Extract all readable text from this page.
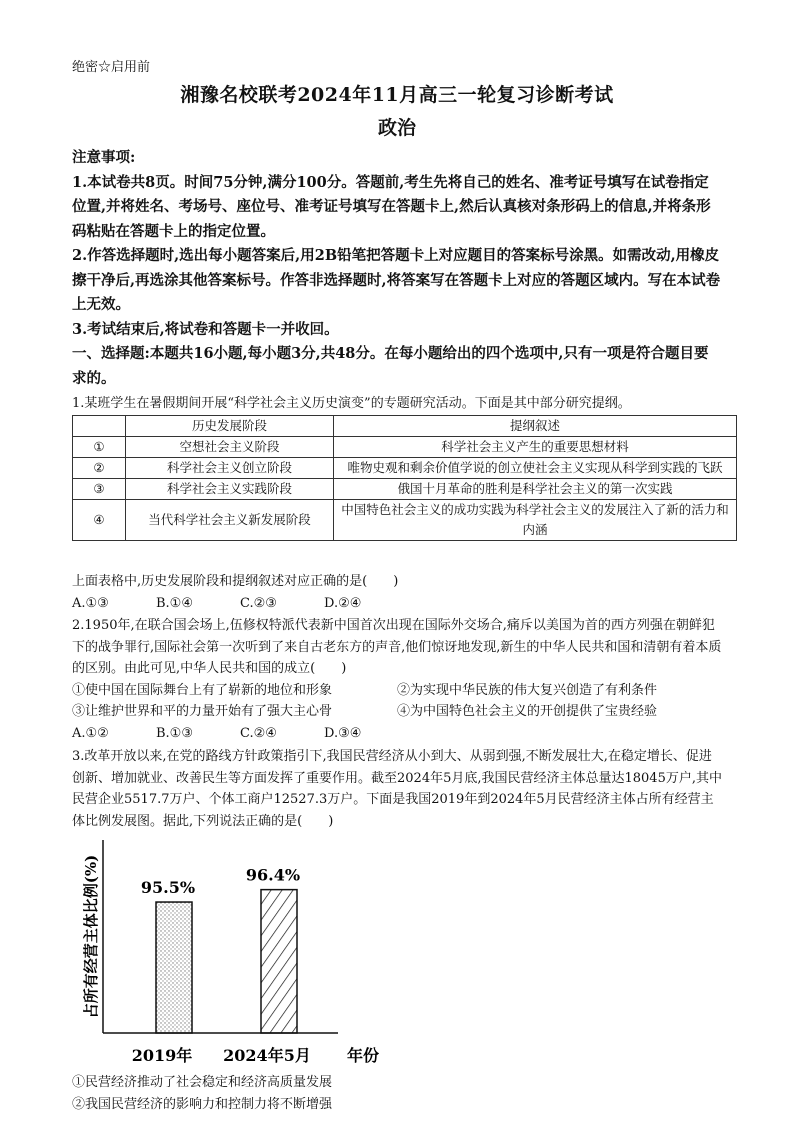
绝密☆启用前
湘豫名校联考2024年11月高三一轮复习诊断考试
政治

注意事项:

1.本试卷共8页。时间75分钟,满分100分。答题前,考生先将自己的姓名、准考证号填写在试卷指定位置,并将姓名、考场号、座位号、准考证号填写在答题卡上,然后认真核对条形码上的信息,并将条形码粘贴在答题卡上的指定位置。

2.作答选择题时,选出每小题答案后,用2B铅笔把答题卡上对应题目的答案标号涂黑。如需改动,用橡皮擦干净后,再选涂其他答案标号。作答非选择题时,将答案写在答题卡上对应的答题区域内。写在本试卷上无效。

3.考试结束后,将试卷和答题卡一并收回。

一、选择题:本题共16小题,每小题3分,共48分。在每小题给出的四个选项中,只有一项是符合题目要求的。

1.某班学生在暑假期间开展“科学社会主义历史演变”的专题研究活动。下面是其中部分研究提纲。

	历史发展阶段	提纲叙述
①	空想社会主义阶段	科学社会主义产生的重要思想材料
②	科学社会主义创立阶段	唯物史观和剩余价值学说的创立使社会主义实现从科学到实践的飞跃
③	科学社会主义实践阶段	俄国十月革命的胜利是科学社会主义的第一次实践
④	当代科学社会主义新发展阶段	中国特色社会主义的成功实践为科学社会主义的发展注入了新的活力和内涵

上面表格中,历史发展阶段和提纲叙述对应正确的是(　　)

A.①③	B.①④	C.②③	D.②④

2.1950年,在联合国会场上,伍修权特派代表新中国首次出现在国际外交场合,痛斥以美国为首的西方列强在朝鲜犯下的战争罪行,国际社会第一次听到了来自古老东方的声音,他们惊讶地发现,新生的中华人民共和国和清朝有着本质的区别。由此可见,中华人民共和国的成立(　　)

①使中国在国际舞台上有了崭新的地位和形象	②为实现中华民族的伟大复兴创造了有利条件
③让维护世界和平的力量开始有了强大主心骨	④为中国特色社会主义的开创提供了宝贵经验
A.①②	B.①③	C.②④	D.③④

3.改革开放以来,在党的路线方针政策指引下,我国民营经济从小到大、从弱到强,不断发展壮大,在稳定增长、促进创新、增加就业、改善民生等方面发挥了重要作用。截至2024年5月底,我国民营经济主体总量达18045万户,其中民营企业5517.7万户、个体工商户12527.3万户。下面是我国2019年到2024年5月民营经济主体占所有经营主体比例发展图。据此,下列说法正确的是(　　)

占所有经营主体比例(%)
年份
95.5%
2019年
96.4%
2024年5月

①民营经济推动了社会稳定和经济高质量发展

②我国民营经济的影响力和控制力将不断增强
